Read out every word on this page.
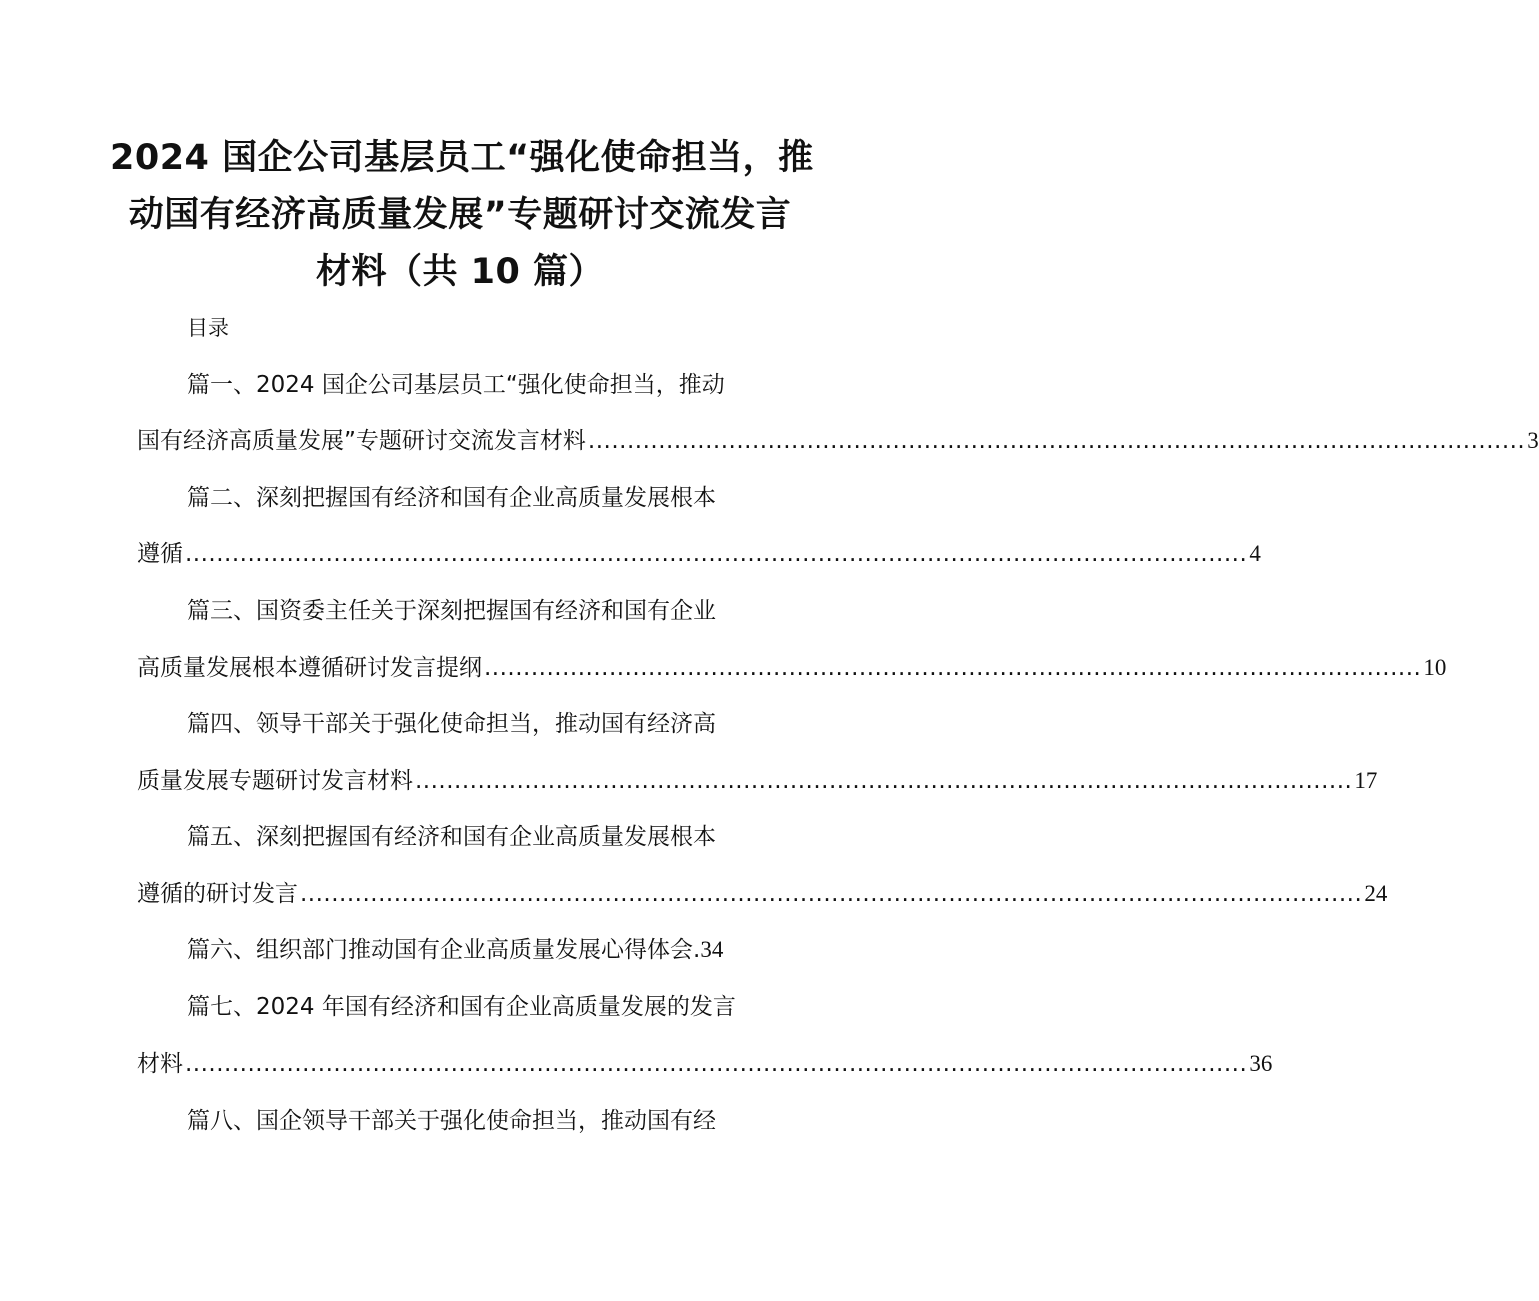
2024 国企公司基层员工“强化使命担当，推
动国有经济高质量发展”专题研讨交流发言
材料（共 10 篇）
目录
篇一、2024 国企公司基层员工“强化使命担当，推动
国有经济高质量发展”专题研讨交流发言材料 ........................................................................................................................ 3
篇二、深刻把握国有经济和国有企业高质量发展根本
遵循 ........................................................................................................................................ 4
篇三、国资委主任关于深刻把握国有经济和国有企业
高质量发展根本遵循研讨发言提纲 ........................................................................................................................ 10
篇四、领导干部关于强化使命担当，推动国有经济高
质量发展专题研讨发言材料 ........................................................................................................................ 17
篇五、深刻把握国有经济和国有企业高质量发展根本
遵循的研讨发言 ........................................................................................................................................ 24
篇六、组织部门推动国有企业高质量发展心得体会.34
篇七、2024 年国有经济和国有企业高质量发展的发言
材料 ........................................................................................................................................ 36
篇八、国企领导干部关于强化使命担当，推动国有经
